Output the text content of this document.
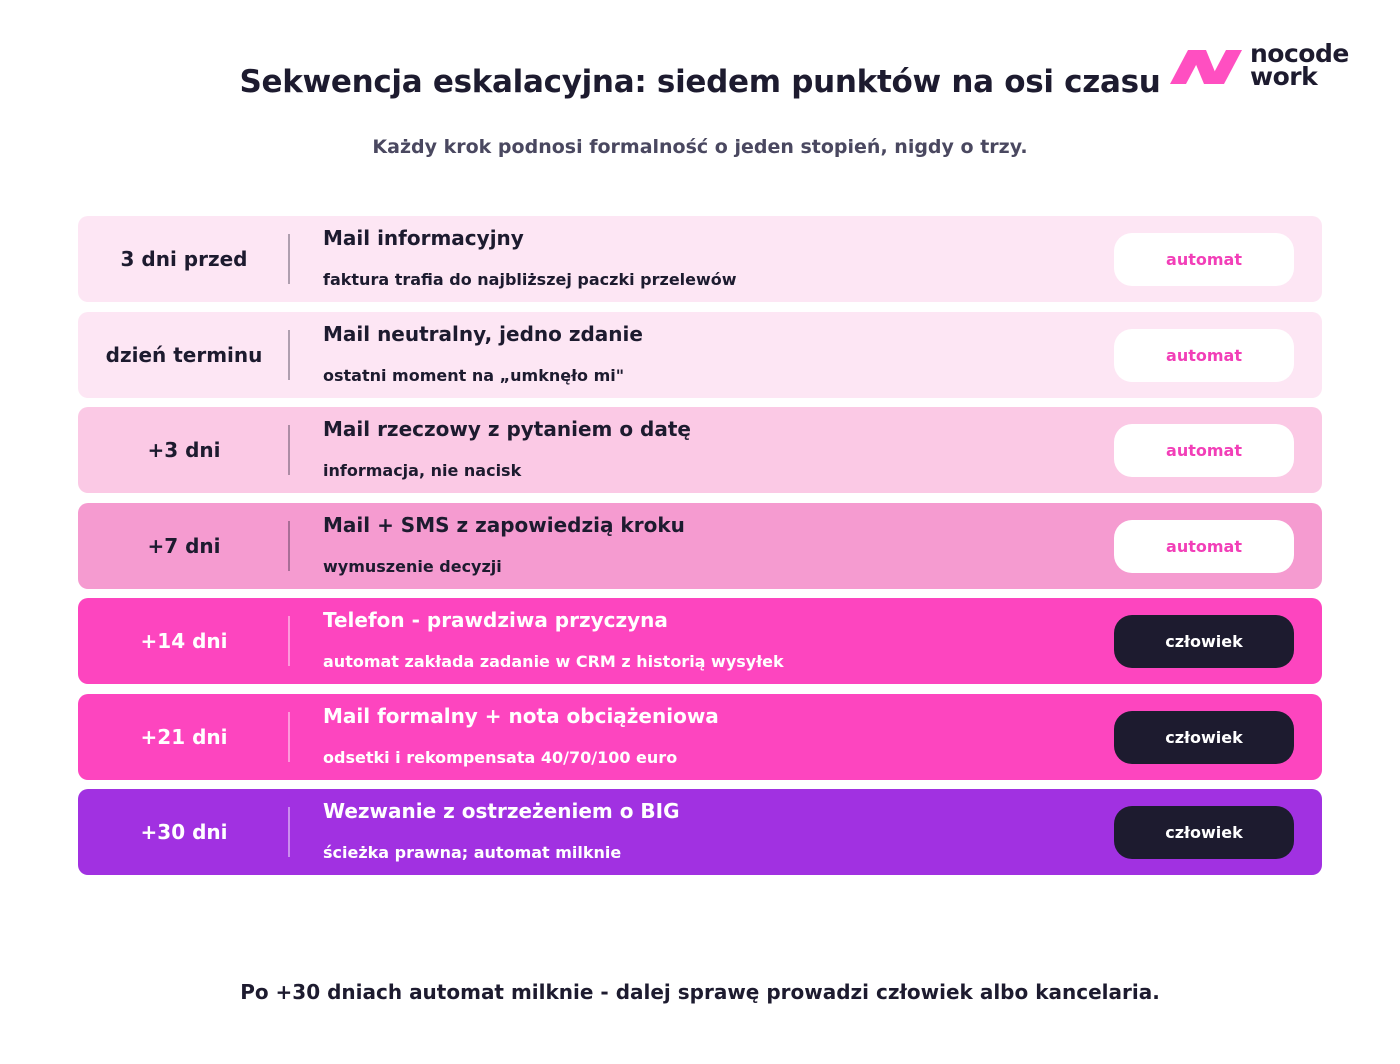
Sekwencja eskalacyjna: siedem punktów na osi czasu
Każdy krok podnosi formalność o jeden stopień, nigdy o trzy.
nocode
work
3 dni przed
Mail informacyjny
faktura trafia do najbliższej paczki przelewów
automat
dzień terminu
Mail neutralny, jedno zdanie
ostatni moment na „umknęło mi"
automat
+3 dni
Mail rzeczowy z pytaniem o datę
informacja, nie nacisk
automat
+7 dni
Mail + SMS z zapowiedzią kroku
wymuszenie decyzji
automat
+14 dni
Telefon - prawdziwa przyczyna
automat zakłada zadanie w CRM z historią wysyłek
człowiek
+21 dni
Mail formalny + nota obciążeniowa
odsetki i rekompensata 40/70/100 euro
człowiek
+30 dni
Wezwanie z ostrzeżeniem o BIG
ścieżka prawna; automat milknie
człowiek
Po +30 dniach automat milknie - dalej sprawę prowadzi człowiek albo kancelaria.
